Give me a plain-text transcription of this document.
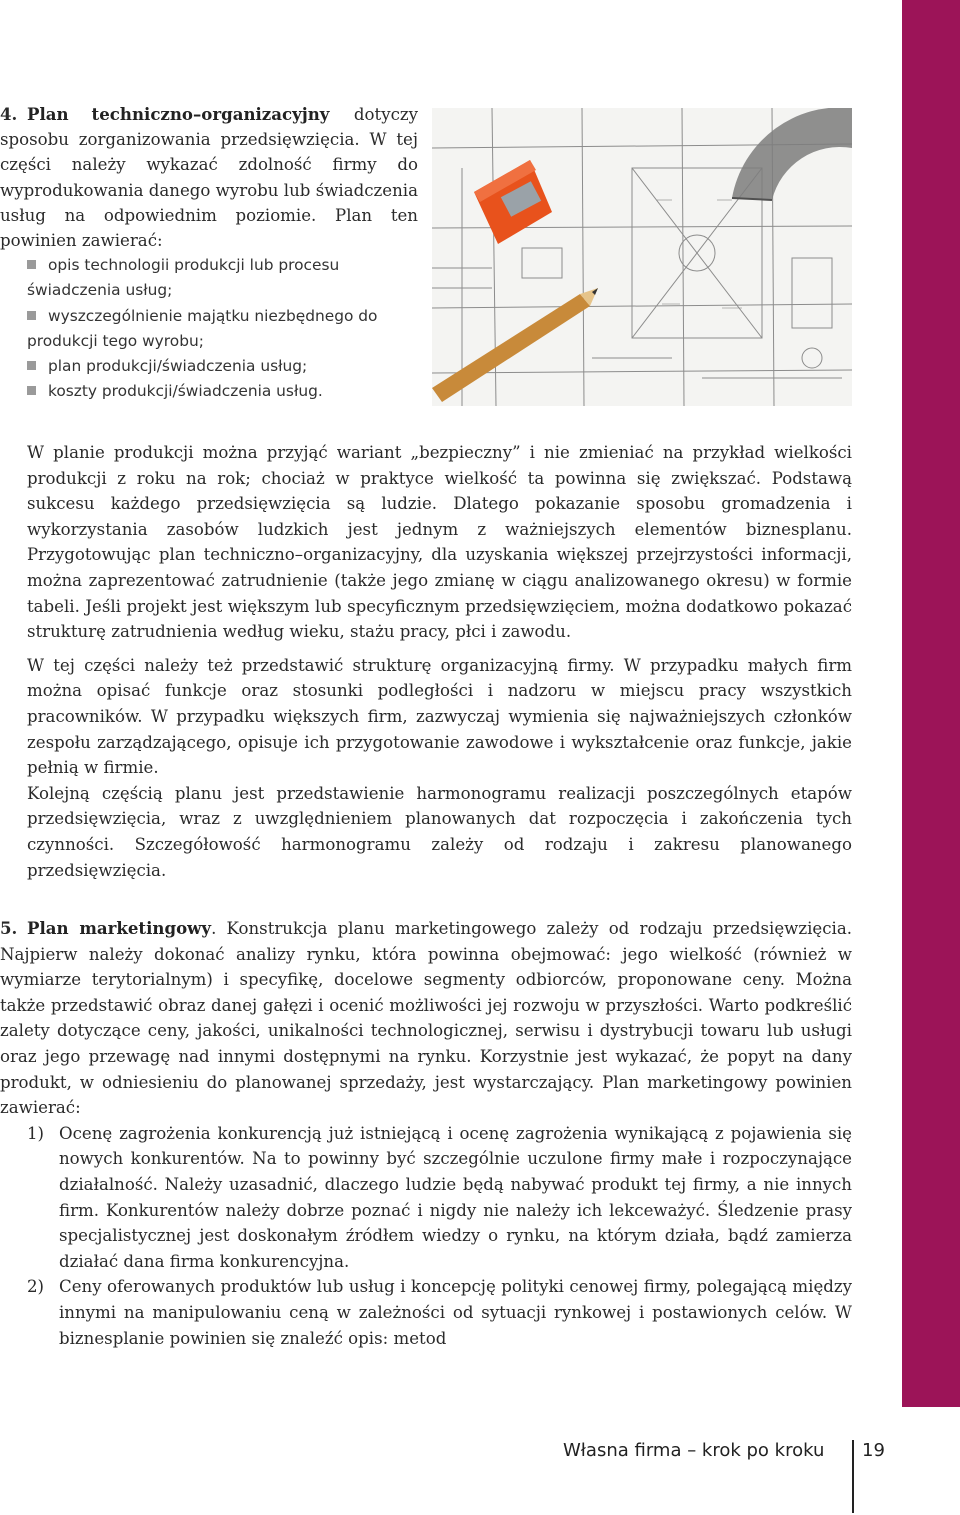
4. Plan techniczno–organizacyjny dotyczy sposobu zorganizowania przedsięwzięcia. W tej części należy wykazać zdolność firmy do wyprodukowania danego wyrobu lub świadczenia usług na odpowiednim poziomie. Plan ten powinien zawierać:
opis technologii produkcji lub procesu świadczenia usług;
wyszczególnienie majątku niezbędnego do produkcji tego wyrobu;
plan produkcji/świadczenia usług;
koszty produkcji/świadczenia usług.

W planie produkcji można przyjąć wariant „bezpieczny” i nie zmieniać na przykład wielkości produkcji z roku na rok; chociaż w praktyce wielkość ta powinna się zwiększać. Podstawą sukcesu każdego przedsięwzięcia są ludzie. Dlatego pokazanie sposobu gromadzenia i wykorzystania zasobów ludzkich jest jednym z ważniejszych elementów biznesplanu. Przygotowując plan techniczno–organizacyjny, dla uzyskania większej przejrzystości informacji, można zaprezentować zatrudnienie (także jego zmianę w ciągu analizowanego okresu) w formie tabeli. Jeśli projekt jest większym lub specyficznym przedsięwzięciem, można dodatkowo pokazać strukturę zatrudnienia według wieku, stażu pracy, płci i zawodu.

W tej części należy też przedstawić strukturę organizacyjną firmy. W przypadku małych firm można opisać funkcje oraz stosunki podległości i nadzoru w miejscu pracy wszystkich pracowników. W przypadku większych firm, zazwyczaj wymienia się najważniejszych członków zespołu zarządzającego, opisuje ich przygotowanie zawodowe i wykształcenie oraz funkcje, jakie pełnią w firmie.

Kolejną częścią planu jest przedstawienie harmonogramu realizacji poszczególnych etapów przedsięwzięcia, wraz z uwzględnieniem planowanych dat rozpoczęcia i zakończenia tych czynności. Szczegółowość harmonogramu zależy od rodzaju i zakresu planowanego przedsięwzięcia.

5. Plan marketingowy. Konstrukcja planu marketingowego zależy od rodzaju przedsięwzięcia. Najpierw należy dokonać analizy rynku, która powinna obejmować: jego wielkość (również w wymiarze terytorialnym) i specyfikę, docelowe segmenty odbiorców, proponowane ceny. Można także przedstawić obraz danej gałęzi i ocenić możliwości jej rozwoju w przyszłości. Warto podkreślić zalety dotyczące ceny, jakości, unikalności technologicznej, serwisu i dystrybucji towaru lub usługi oraz jego przewagę nad innymi dostępnymi na rynku. Korzystnie jest wykazać, że popyt na dany produkt, w odniesieniu do planowanej sprzedaży, jest wystarczający. Plan marketingowy powinien zawierać:
1) Ocenę zagrożenia konkurencją już istniejącą i ocenę zagrożenia wynikającą z pojawienia się nowych konkurentów. Na to powinny być szczególnie uczulone firmy małe i rozpoczynające działalność. Należy uzasadnić, dlaczego ludzie będą nabywać produkt tej firmy, a nie innych firm. Konkurentów należy dobrze poznać i nigdy nie należy ich lekceważyć. Śledzenie prasy specjalistycznej jest doskonałym źródłem wiedzy o rynku, na którym działa, bądź zamierza działać dana firma konkurencyjna.
2) Ceny oferowanych produktów lub usług i koncepcję polityki cenowej firmy, polegającą między innymi na manipulowaniu ceną w zależności od sytuacji rynkowej i postawionych celów. W biznesplanie powinien się znaleźć opis: metod
Własna firma – krok po kroku 19
